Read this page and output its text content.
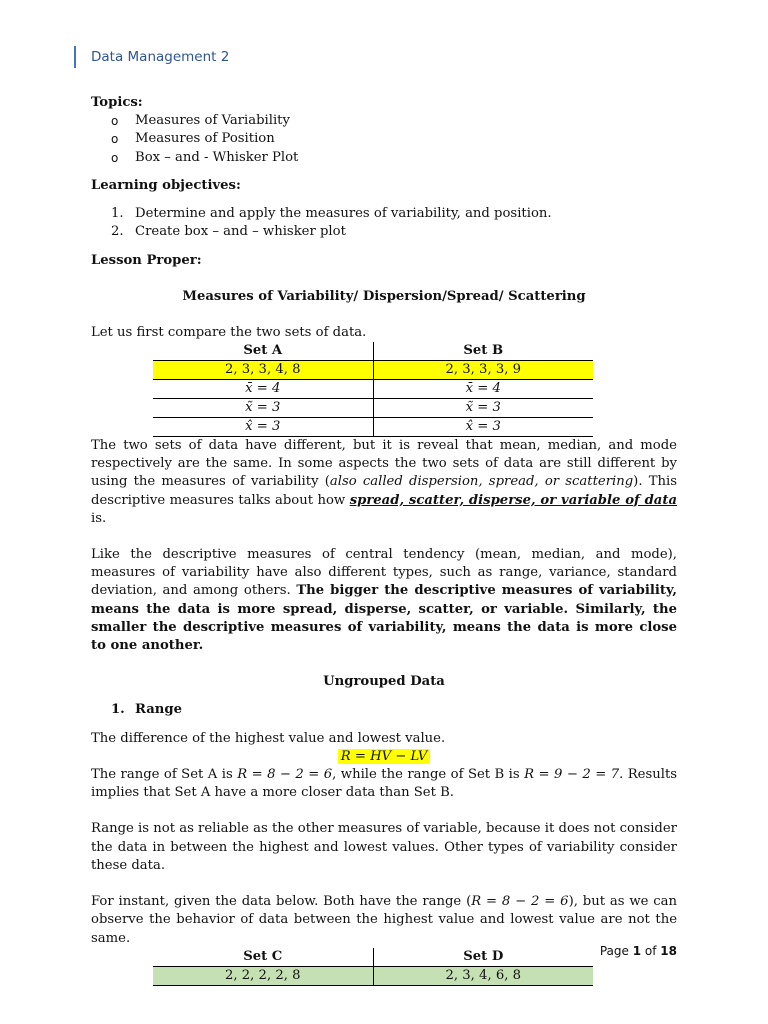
Data Management 2

Topics:

o Measures of Variability
o Measures of Position
o Box – and - Whisker Plot

Learning objectives:

1. Determine and apply the measures of variability, and position.
2. Create box – and – whisker plot

Lesson Proper:

Measures of Variability/ Dispersion/Spread/ Scattering

Let us first compare the two sets of data.

Set A	Set B
2, 3, 3, 4, 8	2, 3, 3, 3, 9
x̄ = 4	x̄ = 4
x̃ = 3	x̃ = 3
x̂ = 3	x̂ = 3

The two sets of data have different, but it is reveal that mean, median, and mode respectively are the same. In some aspects the two sets of data are still different by using the measures of variability (also called dispersion, spread, or scattering). This descriptive measures talks about how spread, scatter, disperse, or variable of data is.

Like the descriptive measures of central tendency (mean, median, and mode), measures of variability have also different types, such as range, variance, standard deviation, and among others. The bigger the descriptive measures of variability, means the data is more spread, disperse, scatter, or variable. Similarly, the smaller the descriptive measures of variability, means the data is more close to one another.

Ungrouped Data

1. Range

The difference of the highest value and lowest value.

R = HV − LV

The range of Set A is R = 8 − 2 = 6, while the range of Set B is R = 9 − 2 = 7. Results implies that Set A have a more closer data than Set B.

Range is not as reliable as the other measures of variable, because it does not consider the data in between the highest and lowest values. Other types of variability consider these data.

For instant, given the data below. Both have the range (R = 8 − 2 = 6), but as we can observe the behavior of data between the highest value and lowest value are not the same.

Set C	Set D
2, 2, 2, 2, 8	2, 3, 4, 6, 8
Page 1 of 18
